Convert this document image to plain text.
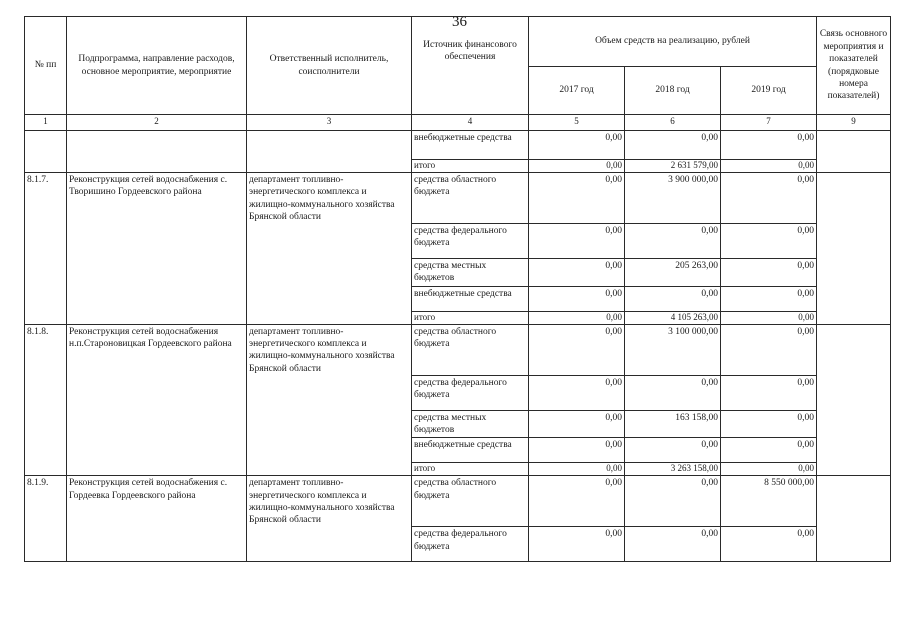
36
№ пп	Подпрограмма, направление расходов, основное мероприятие, мероприятие	Ответственный исполнитель, соисполнители	Источник финансового обеспечения	Объем средств на реализацию, рублей			Связь основного мероприятия и показателей (порядковые номера показателей)
				2017 год	2018 год	2019 год	
1	2	3	4	5	6	7	9
			внебюджетные средства	0,00	0,00	0,00	
			итого	0,00	2 631 579,00	0,00	
8.1.7.	Реконструкция сетей водоснабжения с. Творишино Гордеевского района	департамент топливно-энергетического комплекса и жилищно-коммунального хозяйства Брянской области	средства областного бюджета	0,00	3 900 000,00	0,00	
			средства федерального бюджета	0,00	0,00	0,00	
			средства местных бюджетов	0,00	205 263,00	0,00	
			внебюджетные средства	0,00	0,00	0,00	
			итого	0,00	4 105 263,00	0,00	
8.1.8.	Реконструкция сетей водоснабжения н.п.Староновицкая Гордеевского района	департамент топливно-энергетического комплекса и жилищно-коммунального хозяйства Брянской области	средства областного бюджета	0,00	3 100 000,00	0,00	
			средства федерального бюджета	0,00	0,00	0,00	
			средства местных бюджетов	0,00	163 158,00	0,00	
			внебюджетные средства	0,00	0,00	0,00	
			итого	0,00	3 263 158,00	0,00	
8.1.9.	Реконструкция сетей водоснабжения с. Гордеевка Гордеевского района	департамент топливно-энергетического комплекса и жилищно-коммунального хозяйства Брянской области	средства областного бюджета	0,00	0,00	8 550 000,00	
			средства федерального бюджета	0,00	0,00	0,00	
